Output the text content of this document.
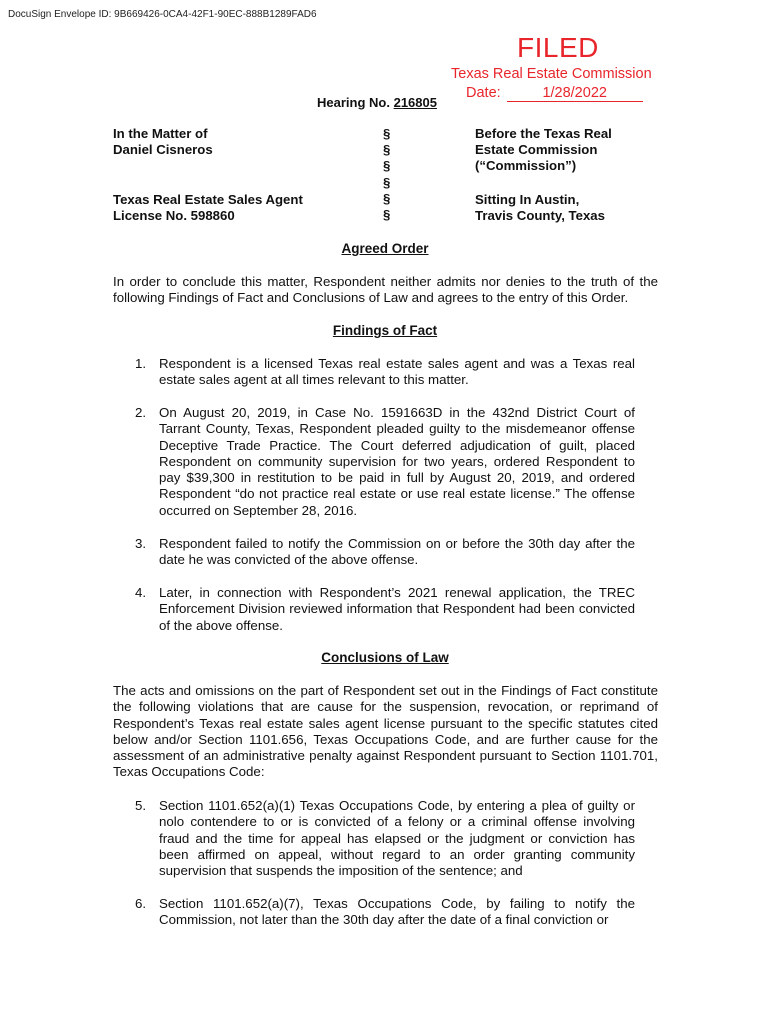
DocuSign Envelope ID: 9B669426-0CA4-42F1-90EC-888B1289FAD6
FILED
Texas Real Estate Commission
Date:	1/28/2022
Hearing No. 216805
In the Matter of
Daniel Cisneros
Texas Real Estate Sales Agent
License No. 598860
§
§
§
§
§
§
Before the Texas Real
Estate Commission
(“Commission”)
Sitting In Austin,
Travis County, Texas
Agreed Order
In order to conclude this matter, Respondent neither admits nor denies to the truth of the following Findings of Fact and Conclusions of Law and agrees to the entry of this Order.
Findings of Fact
1. Respondent is a licensed Texas real estate sales agent and was a Texas real estate sales agent at all times relevant to this matter.
2. On August 20, 2019, in Case No. 1591663D in the 432nd District Court of Tarrant County, Texas, Respondent pleaded guilty to the misdemeanor offense Deceptive Trade Practice. The Court deferred adjudication of guilt, placed Respondent on community supervision for two years, ordered Respondent to pay $39,300 in restitution to be paid in full by August 20, 2019, and ordered Respondent “do not practice real estate or use real estate license.” The offense occurred on September 28, 2016.
3. Respondent failed to notify the Commission on or before the 30th day after the date he was convicted of the above offense.
4. Later, in connection with Respondent’s 2021 renewal application, the TREC Enforcement Division reviewed information that Respondent had been convicted of the above offense.
Conclusions of Law
The acts and omissions on the part of Respondent set out in the Findings of Fact constitute the following violations that are cause for the suspension, revocation, or reprimand of Respondent’s Texas real estate sales agent license pursuant to the specific statutes cited below and/or Section 1101.656, Texas Occupations Code, and are further cause for the assessment of an administrative penalty against Respondent pursuant to Section 1101.701, Texas Occupations Code:
5. Section 1101.652(a)(1) Texas Occupations Code, by entering a plea of guilty or nolo contendere to or is convicted of a felony or a criminal offense involving fraud and the time for appeal has elapsed or the judgment or conviction has been affirmed on appeal, without regard to an order granting community supervision that suspends the imposition of the sentence; and
6. Section 1101.652(a)(7), Texas Occupations Code, by failing to notify the Commission, not later than the 30th day after the date of a final conviction or
